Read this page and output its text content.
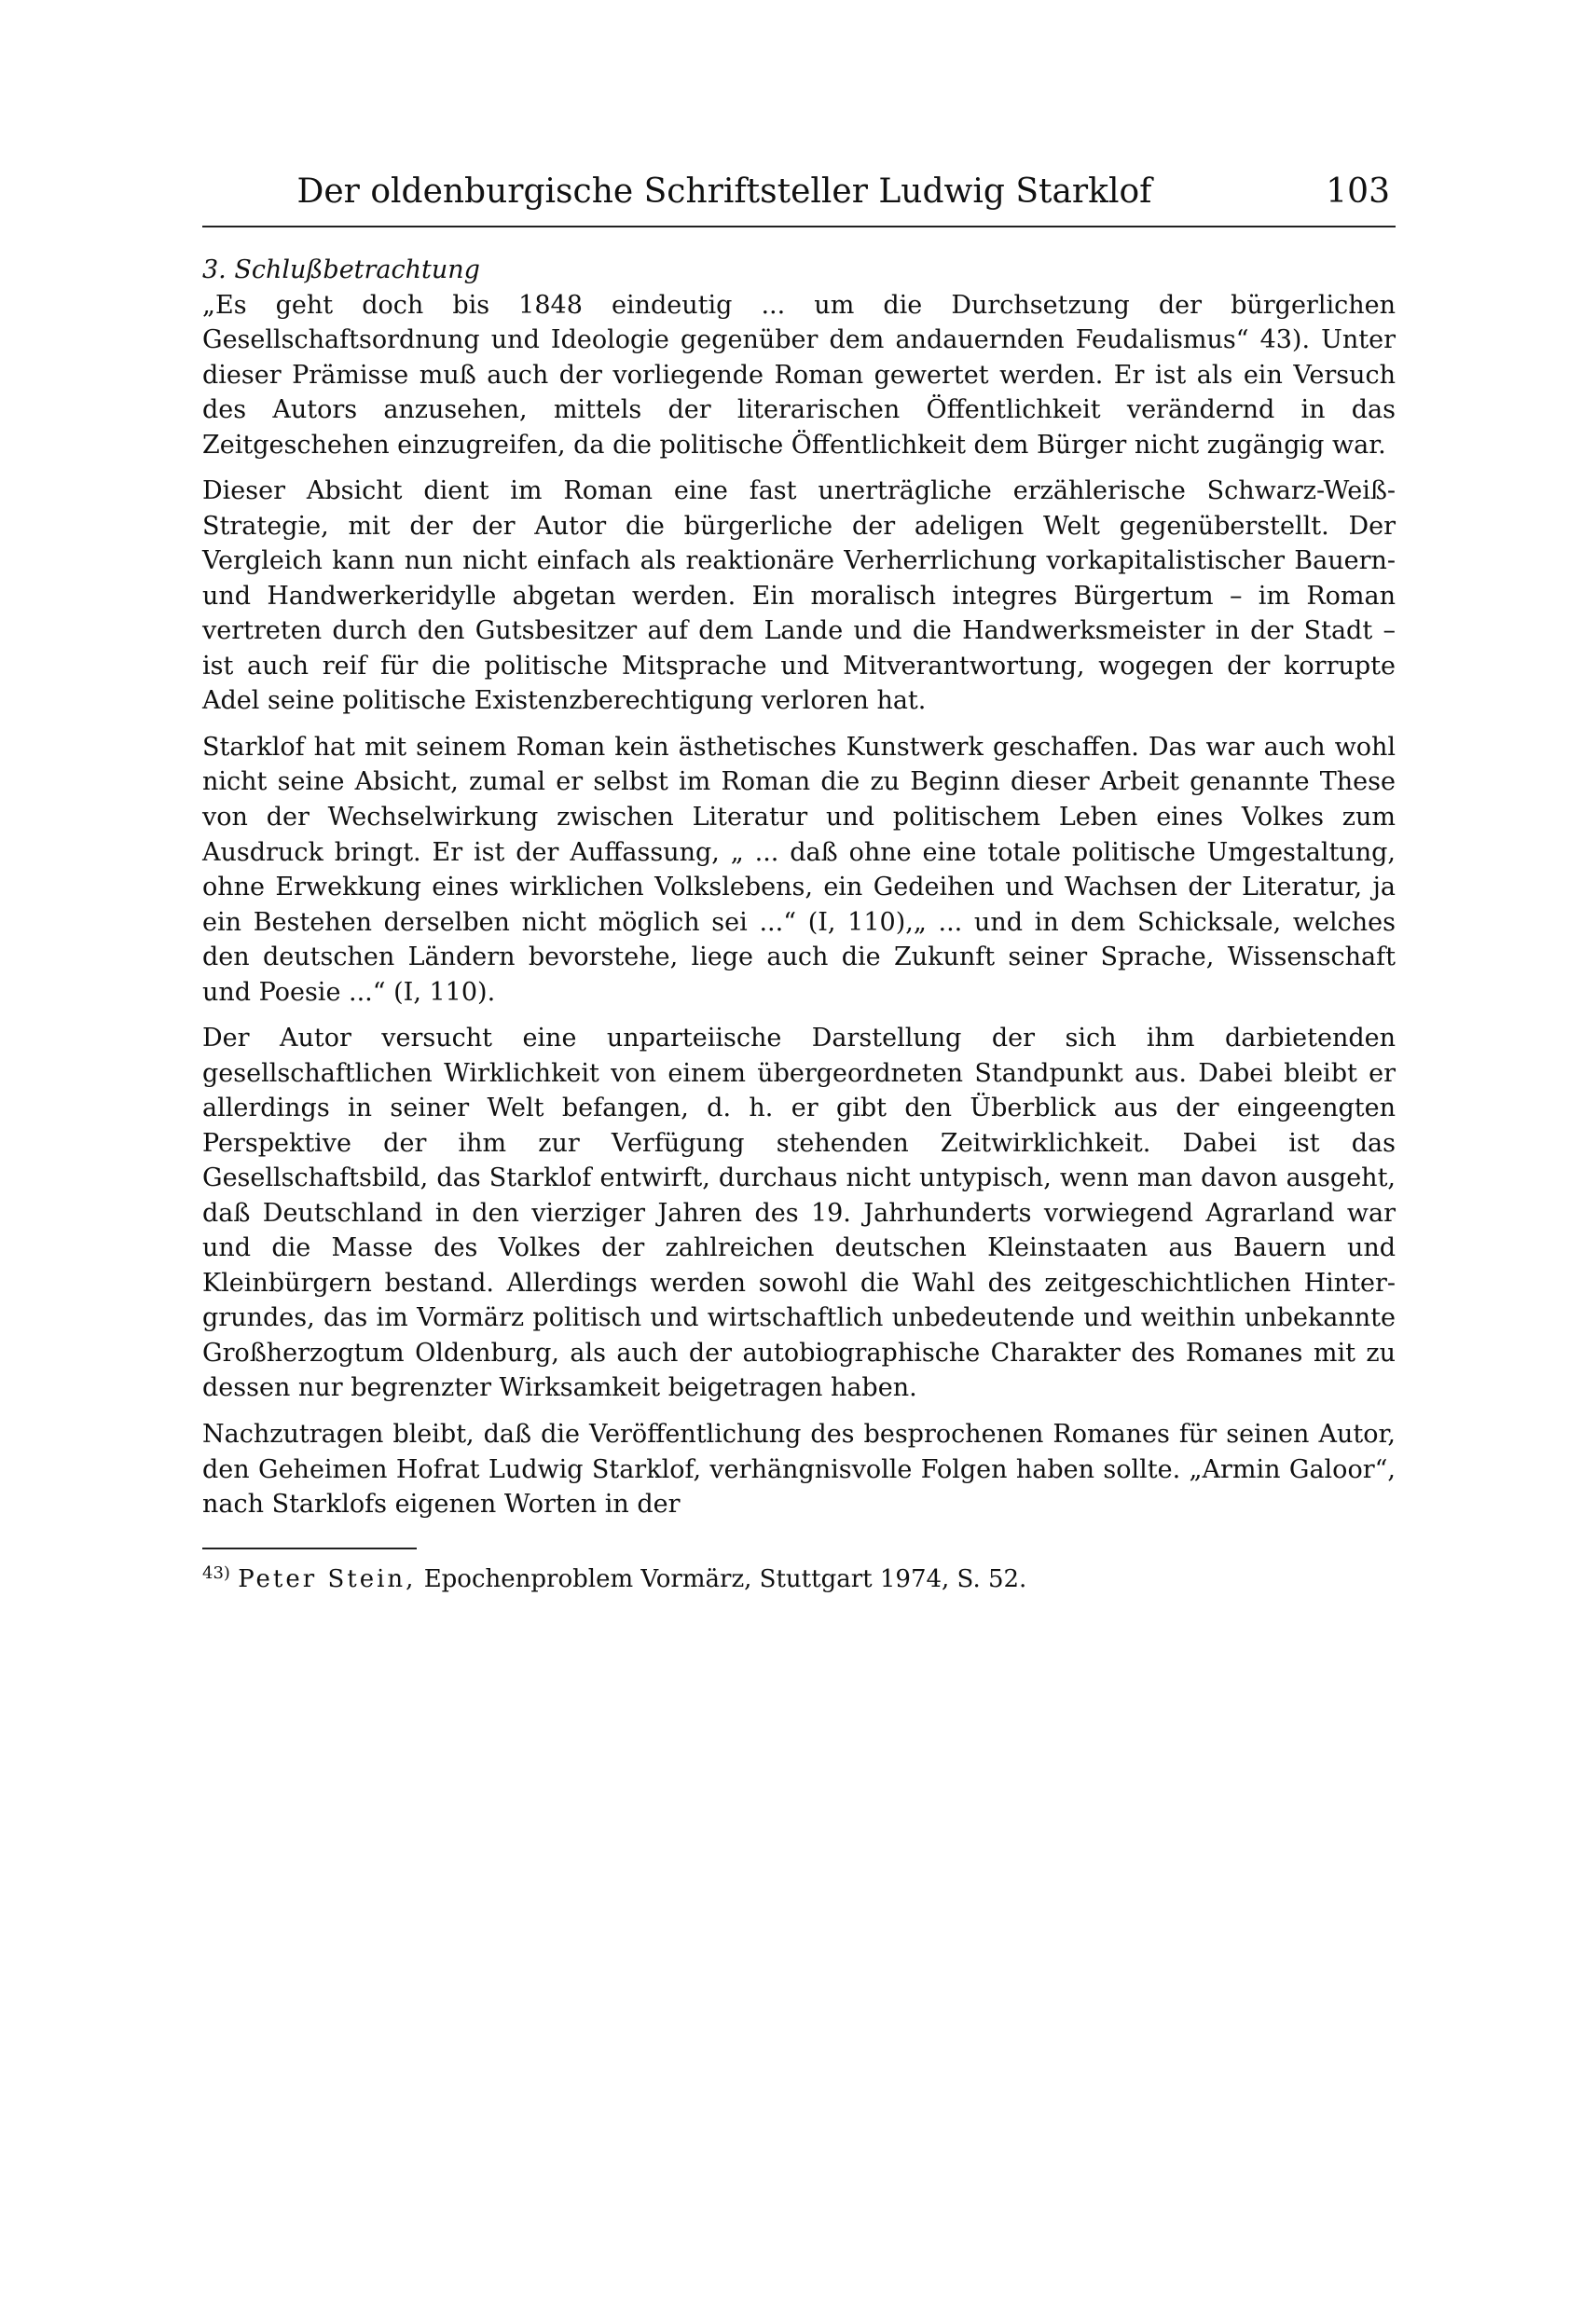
Der oldenburgische Schriftsteller Ludwig Starklof	103
3. Schlußbetrachtung

„Es geht doch bis 1848 eindeutig ... um die Durchsetzung der bürgerlichen Gesellschaftsordnung und Ideologie gegenüber dem andauernden Feudalismus“ 43). Unter dieser Prämisse muß auch der vorliegende Roman gewertet werden. Er ist als ein Versuch des Autors anzusehen, mittels der literarischen Öffentlichkeit verändernd in das Zeitgeschehen einzugreifen, da die politische Öffentlichkeit dem Bürger nicht zugängig war.

Dieser Absicht dient im Roman eine fast unerträgliche erzählerische Schwarz-Weiß-Strategie, mit der der Autor die bürgerliche der adeligen Welt gegenüberstellt. Der Vergleich kann nun nicht einfach als reaktionäre Verherrlichung vorkapitalistischer Bauern- und Handwerkeridylle abgetan werden. Ein moralisch integres Bürgertum – im Roman vertreten durch den Gutsbesitzer auf dem Lande und die Handwerksmeister in der Stadt – ist auch reif für die politische Mitsprache und Mitverantwortung, wogegen der korrupte Adel seine politische Existenzberechtigung verloren hat.

Starklof hat mit seinem Roman kein ästhetisches Kunstwerk geschaffen. Das war auch wohl nicht seine Absicht, zumal er selbst im Roman die zu Beginn dieser Arbeit genannte These von der Wechselwirkung zwischen Literatur und politischem Leben eines Volkes zum Ausdruck bringt. Er ist der Auffassung, „ ... daß ohne eine totale politische Umgestaltung, ohne Erwekkung eines wirklichen Volkslebens, ein Gedeihen und Wachsen der Literatur, ja ein Bestehen derselben nicht möglich sei ...“ (I, 110),„ ... und in dem Schicksale, welches den deutschen Ländern bevorstehe, liege auch die Zukunft seiner Sprache, Wissenschaft und Poesie ...“ (I, 110).

Der Autor versucht eine unparteiische Darstellung der sich ihm darbietenden gesellschaftlichen Wirklichkeit von einem übergeordneten Standpunkt aus. Dabei bleibt er allerdings in seiner Welt befangen, d. h. er gibt den Überblick aus der eingeengten Perspektive der ihm zur Verfügung stehenden Zeitwirklichkeit. Dabei ist das Gesellschaftsbild, das Starklof entwirft, durchaus nicht untypisch, wenn man davon ausgeht, daß Deutschland in den vierziger Jahren des 19. Jahrhunderts vorwiegend Agrarland war und die Masse des Volkes der zahlreichen deutschen Kleinstaaten aus Bauern und Kleinbürgern bestand. Allerdings werden sowohl die Wahl des zeitgeschichtlichen Hintergrundes, das im Vormärz politisch und wirtschaftlich unbedeutende und weithin unbekannte Großherzogtum Oldenburg, als auch der autobiographische Charakter des Romanes mit zu dessen nur begrenzter Wirksamkeit beigetragen haben.

Nachzutragen bleibt, daß die Veröffentlichung des besprochenen Romanes für seinen Autor, den Geheimen Hofrat Ludwig Starklof, verhängnisvolle Folgen haben sollte. „Armin Galoor“, nach Starklofs eigenen Worten in der

$^{43)}$ Peter Stein, Epochenproblem Vormärz, Stuttgart 1974, S. 52.
